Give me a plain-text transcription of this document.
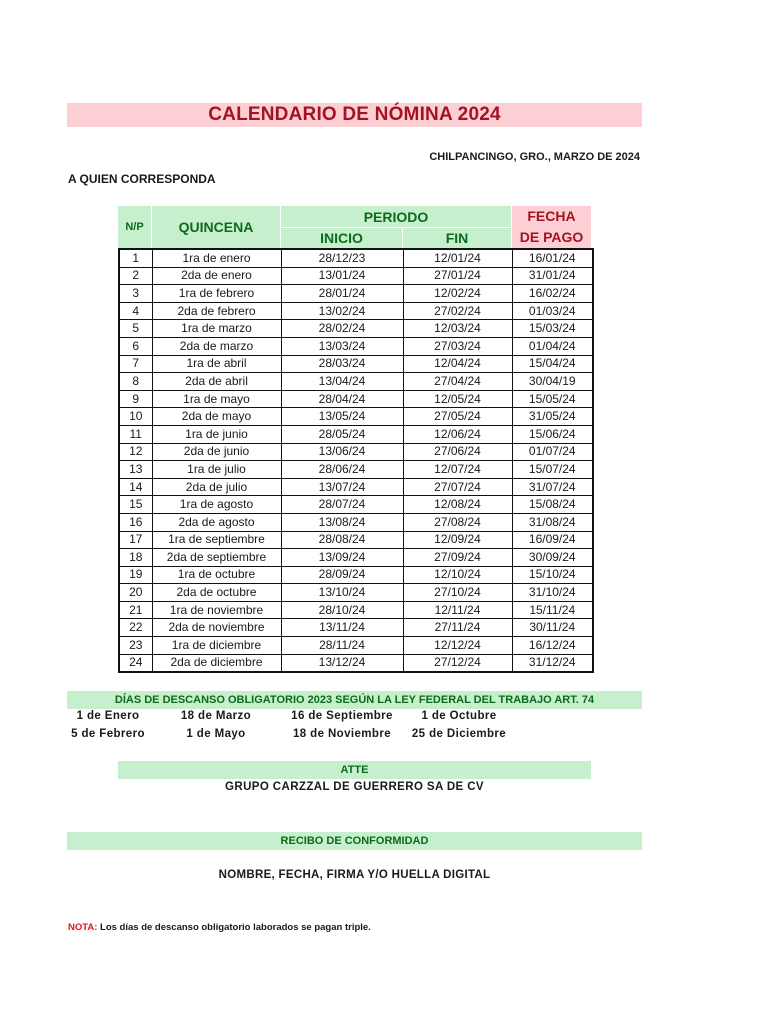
CALENDARIO DE NÓMINA 2024
CHILPANCINGO, GRO., MARZO DE 2024
A QUIEN CORRESPONDA
N/P	QUINCENA
PERIODO
INICIO	FIN
FECHA
DE PAGO
1	1ra de enero	28/12/23	12/01/24	16/01/24
2	2da de enero	13/01/24	27/01/24	31/01/24
3	1ra de febrero	28/01/24	12/02/24	16/02/24
4	2da de febrero	13/02/24	27/02/24	01/03/24
5	1ra de marzo	28/02/24	12/03/24	15/03/24
6	2da de marzo	13/03/24	27/03/24	01/04/24
7	1ra de abril	28/03/24	12/04/24	15/04/24
8	2da de abril	13/04/24	27/04/24	30/04/19
9	1ra de mayo	28/04/24	12/05/24	15/05/24
10	2da de mayo	13/05/24	27/05/24	31/05/24
11	1ra de junio	28/05/24	12/06/24	15/06/24
12	2da de junio	13/06/24	27/06/24	01/07/24
13	1ra de julio	28/06/24	12/07/24	15/07/24
14	2da de julio	13/07/24	27/07/24	31/07/24
15	1ra de agosto	28/07/24	12/08/24	15/08/24
16	2da de agosto	13/08/24	27/08/24	31/08/24
17	1ra de septiembre	28/08/24	12/09/24	16/09/24
18	2da de septiembre	13/09/24	27/09/24	30/09/24
19	1ra de octubre	28/09/24	12/10/24	15/10/24
20	2da de octubre	13/10/24	27/10/24	31/10/24
21	1ra de noviembre	28/10/24	12/11/24	15/11/24
22	2da de noviembre	13/11/24	27/11/24	30/11/24
23	1ra de diciembre	28/11/24	12/12/24	16/12/24
24	2da de diciembre	13/12/24	27/12/24	31/12/24
DÍAS DE DESCANSO OBLIGATORIO 2023 SEGÚN LA LEY FEDERAL DEL TRABAJO ART. 74
1 de Enero	18 de Marzo	16 de Septiembre	1 de Octubre
5 de Febrero	1 de Mayo	18 de Noviembre	25 de Diciembre
ATTE
GRUPO CARZZAL DE GUERRERO SA DE CV
RECIBO DE CONFORMIDAD
NOMBRE, FECHA, FIRMA Y/O HUELLA DIGITAL
NOTA: Los días de descanso obligatorio laborados se pagan triple.
